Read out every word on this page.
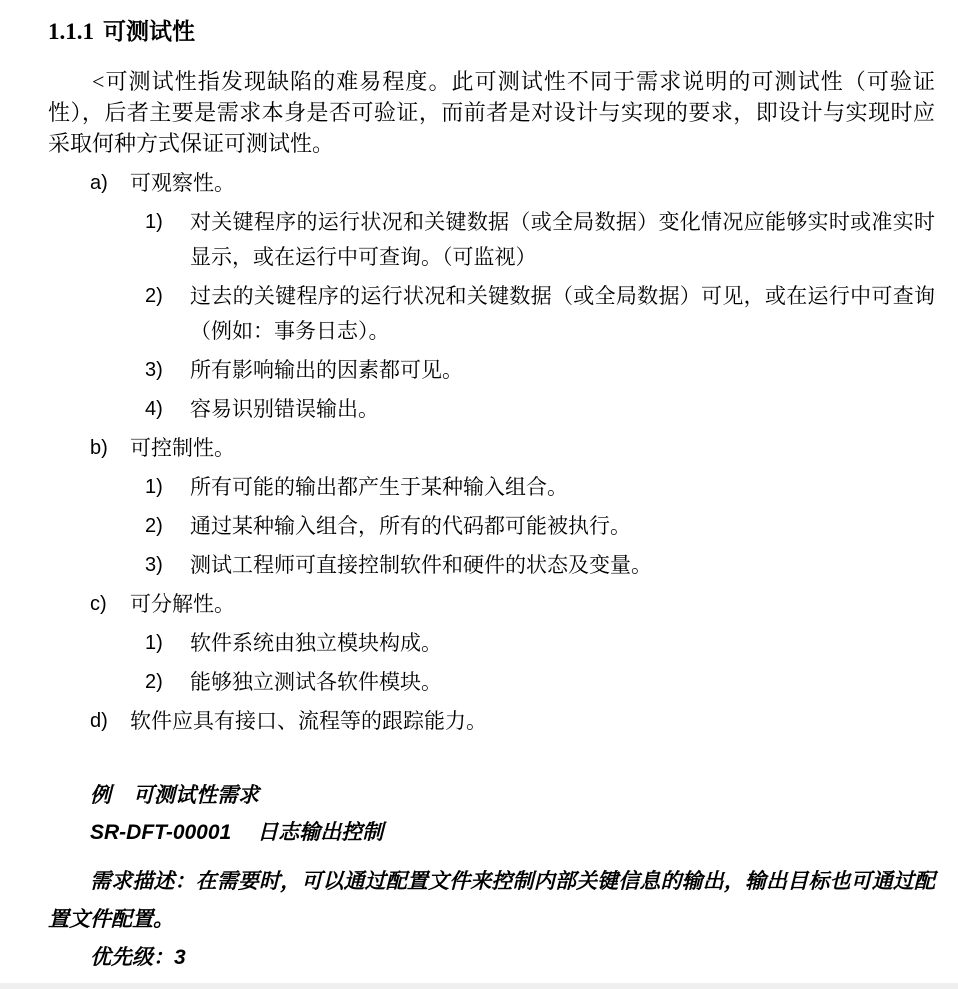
1.1.1 可测试性

<可测试性指发现缺陷的难易程度。此可测试性不同于需求说明的可测试性（可验证性），后者主要是需求本身是否可验证，而前者是对设计与实现的要求，即设计与实现时应采取何种方式保证可测试性。

a)	可观察性。
1)	对关键程序的运行状况和关键数据（或全局数据）变化情况应能够实时或准实时显示，或在运行中可查询。（可监视）
2)	过去的关键程序的运行状况和关键数据（或全局数据）可见，或在运行中可查询（例如：事务日志）。
3)	所有影响输出的因素都可见。
4)	容易识别错误输出。
b)	可控制性。
1)	所有可能的输出都产生于某种输入组合。
2)	通过某种输入组合，所有的代码都可能被执行。
3)	测试工程师可直接控制软件和硬件的状态及变量。
c)	可分解性。
1)	软件系统由独立模块构成。
2)	能够独立测试各软件模块。
d)	软件应具有接口、流程等的跟踪能力。

例 可测试性需求

SR-DFT-00001 日志输出控制

需求描述：在需要时，可以通过配置文件来控制内部关键信息的输出，输出目标也可通过配置文件配置。

优先级：3
